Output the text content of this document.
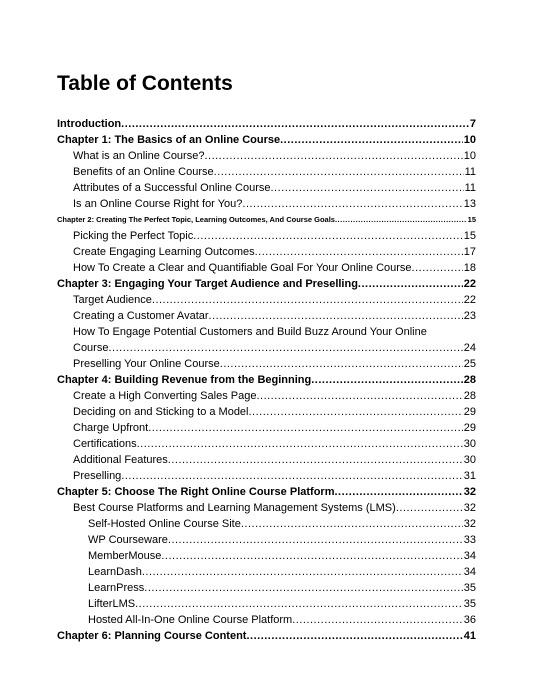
Table of Contents
Introduction .....	7
Chapter 1: The Basics of an Online Course .....	10
What is an Online Course? .....	10
Benefits of an Online Course .....	11
Attributes of a Successful Online Course .....	11
Is an Online Course Right for You? .....	13
Chapter 2: Creating The Perfect Topic, Learning Outcomes, And Course Goals .....	15
Picking the Perfect Topic .....	15
Create Engaging Learning Outcomes .....	17
How To Create a Clear and Quantifiable Goal For Your Online Course .....	18
Chapter 3: Engaging Your Target Audience and Preselling .....	22
Target Audience .....	22
Creating a Customer Avatar .....	23
How To Engage Potential Customers and Build Buzz Around Your Online
Course .....	24
Preselling Your Online Course .....	25
Chapter 4: Building Revenue from the Beginning .....	28
Create a High Converting Sales Page .....	28
Deciding on and Sticking to a Model .....	29
Charge Upfront .....	29
Certifications .....	30
Additional Features .....	30
Preselling .....	31
Chapter 5: Choose The Right Online Course Platform .....	32
Best Course Platforms and Learning Management Systems (LMS) .....	32
Self-Hosted Online Course Site .....	32
WP Courseware .....	33
MemberMouse .....	34
LearnDash .....	34
LearnPress .....	35
LifterLMS .....	35
Hosted All-In-One Online Course Platform .....	36
Chapter 6: Planning Course Content .....	41
